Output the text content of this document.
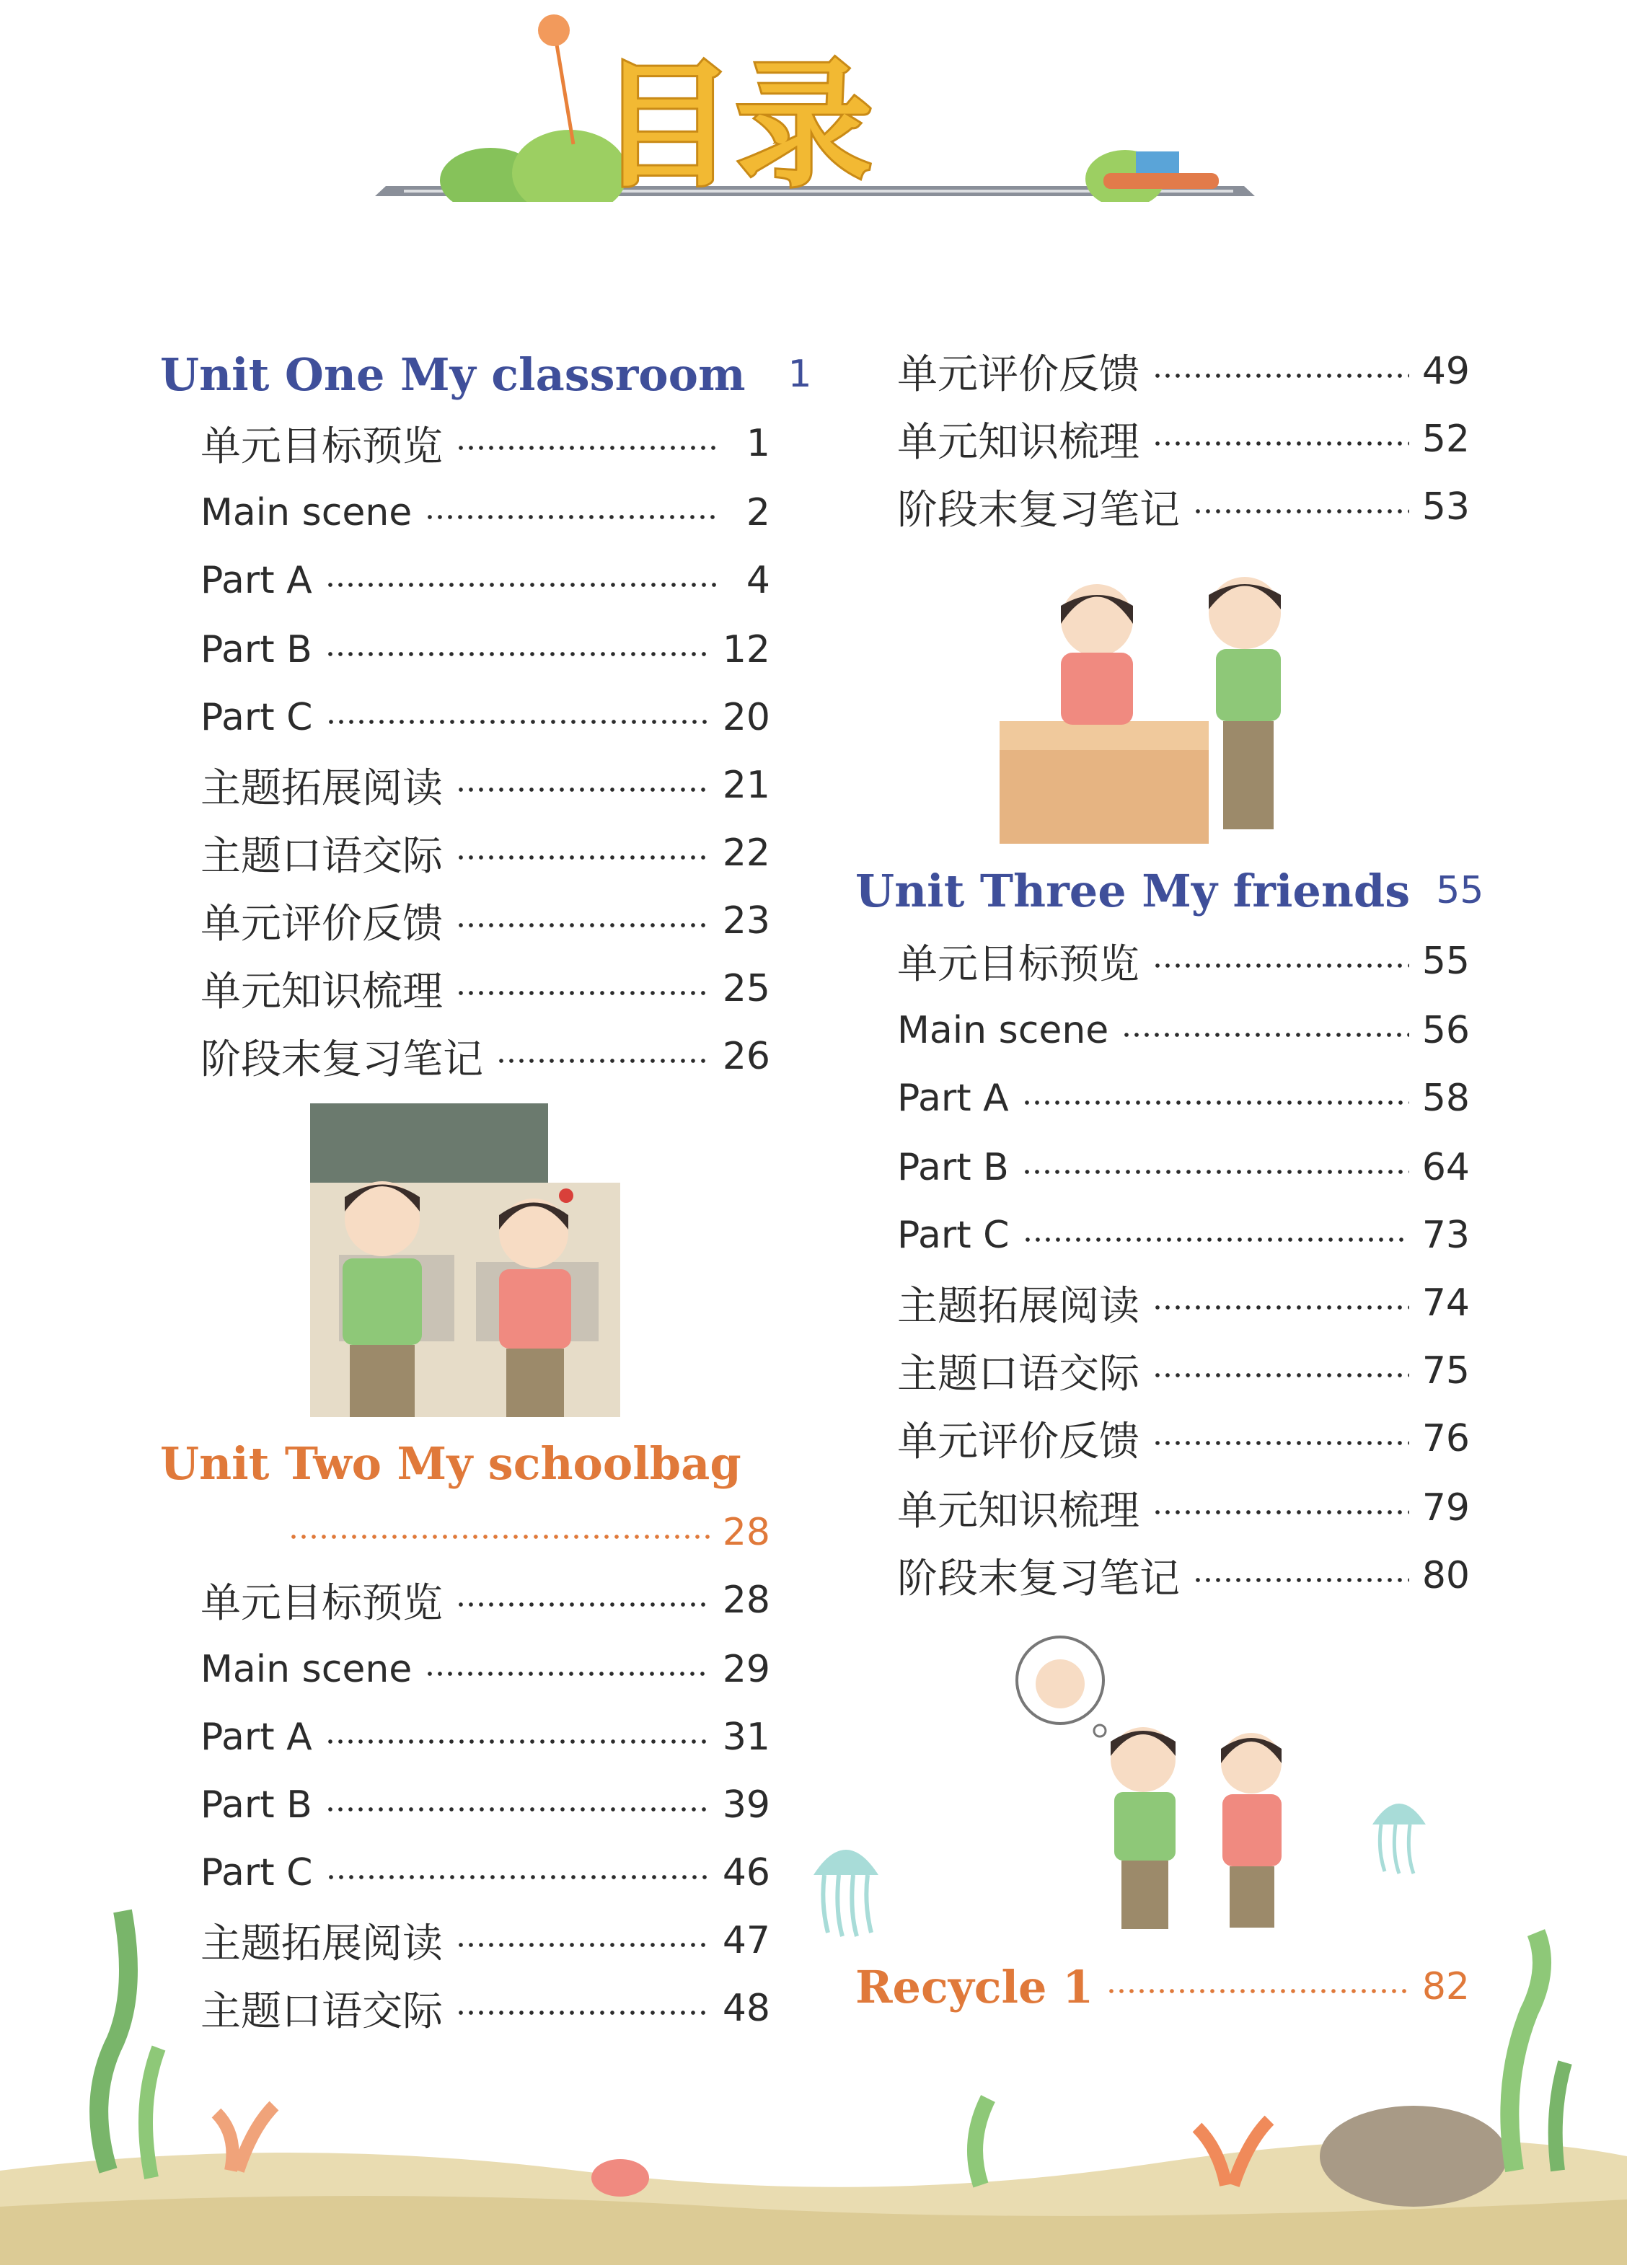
目录
Unit One My classroom	1
单元目标预览	1
Main scene	2
Part A	4
Part B	12
Part C	20
主题拓展阅读	21
主题口语交际	22
单元评价反馈	23
单元知识梳理	25
阶段末复习笔记	26
Unit Two My schoolbag
28
单元目标预览	28
Main scene	29
Part A	31
Part B	39
Part C	46
主题拓展阅读	47
主题口语交际	48
单元评价反馈	49
单元知识梳理	52
阶段末复习笔记	53
Unit Three My friends 55
单元目标预览	55
Main scene	56
Part A	58
Part B	64
Part C	73
主题拓展阅读	74
主题口语交际	75
单元评价反馈	76
单元知识梳理	79
阶段末复习笔记	80
Recycle 1	82
